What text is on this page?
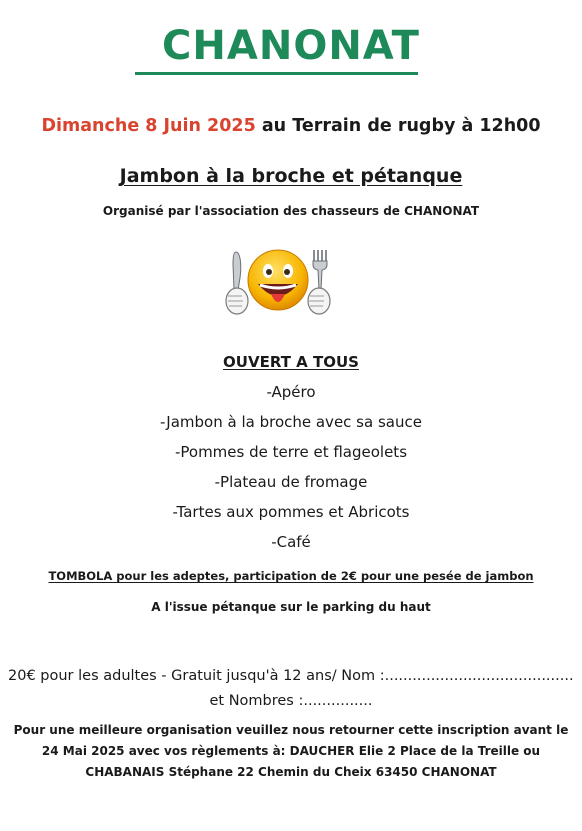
CHANONAT
Dimanche 8 Juin 2025 au Terrain de rugby à 12h00
Jambon à la broche et pétanque
Organisé par l'association des chasseurs de CHANONAT
OUVERT A TOUS
-Apéro
-Jambon à la broche avec sa sauce
-Pommes de terre et flageolets
-Plateau de fromage
-Tartes aux pommes et Abricots
-Café
TOMBOLA pour les adeptes, participation de 2€ pour une pesée de jambon
A l'issue pétanque sur le parking du haut
20€ pour les adultes - Gratuit jusqu'à 12 ans/ Nom :.........................................
et Nombres :...............
Pour une meilleure organisation veuillez nous retourner cette inscription avant le 24 Mai 2025 avec vos règlements à: DAUCHER Elie 2 Place de la Treille ou CHABANAIS Stéphane 22 Chemin du Cheix 63450 CHANONAT
